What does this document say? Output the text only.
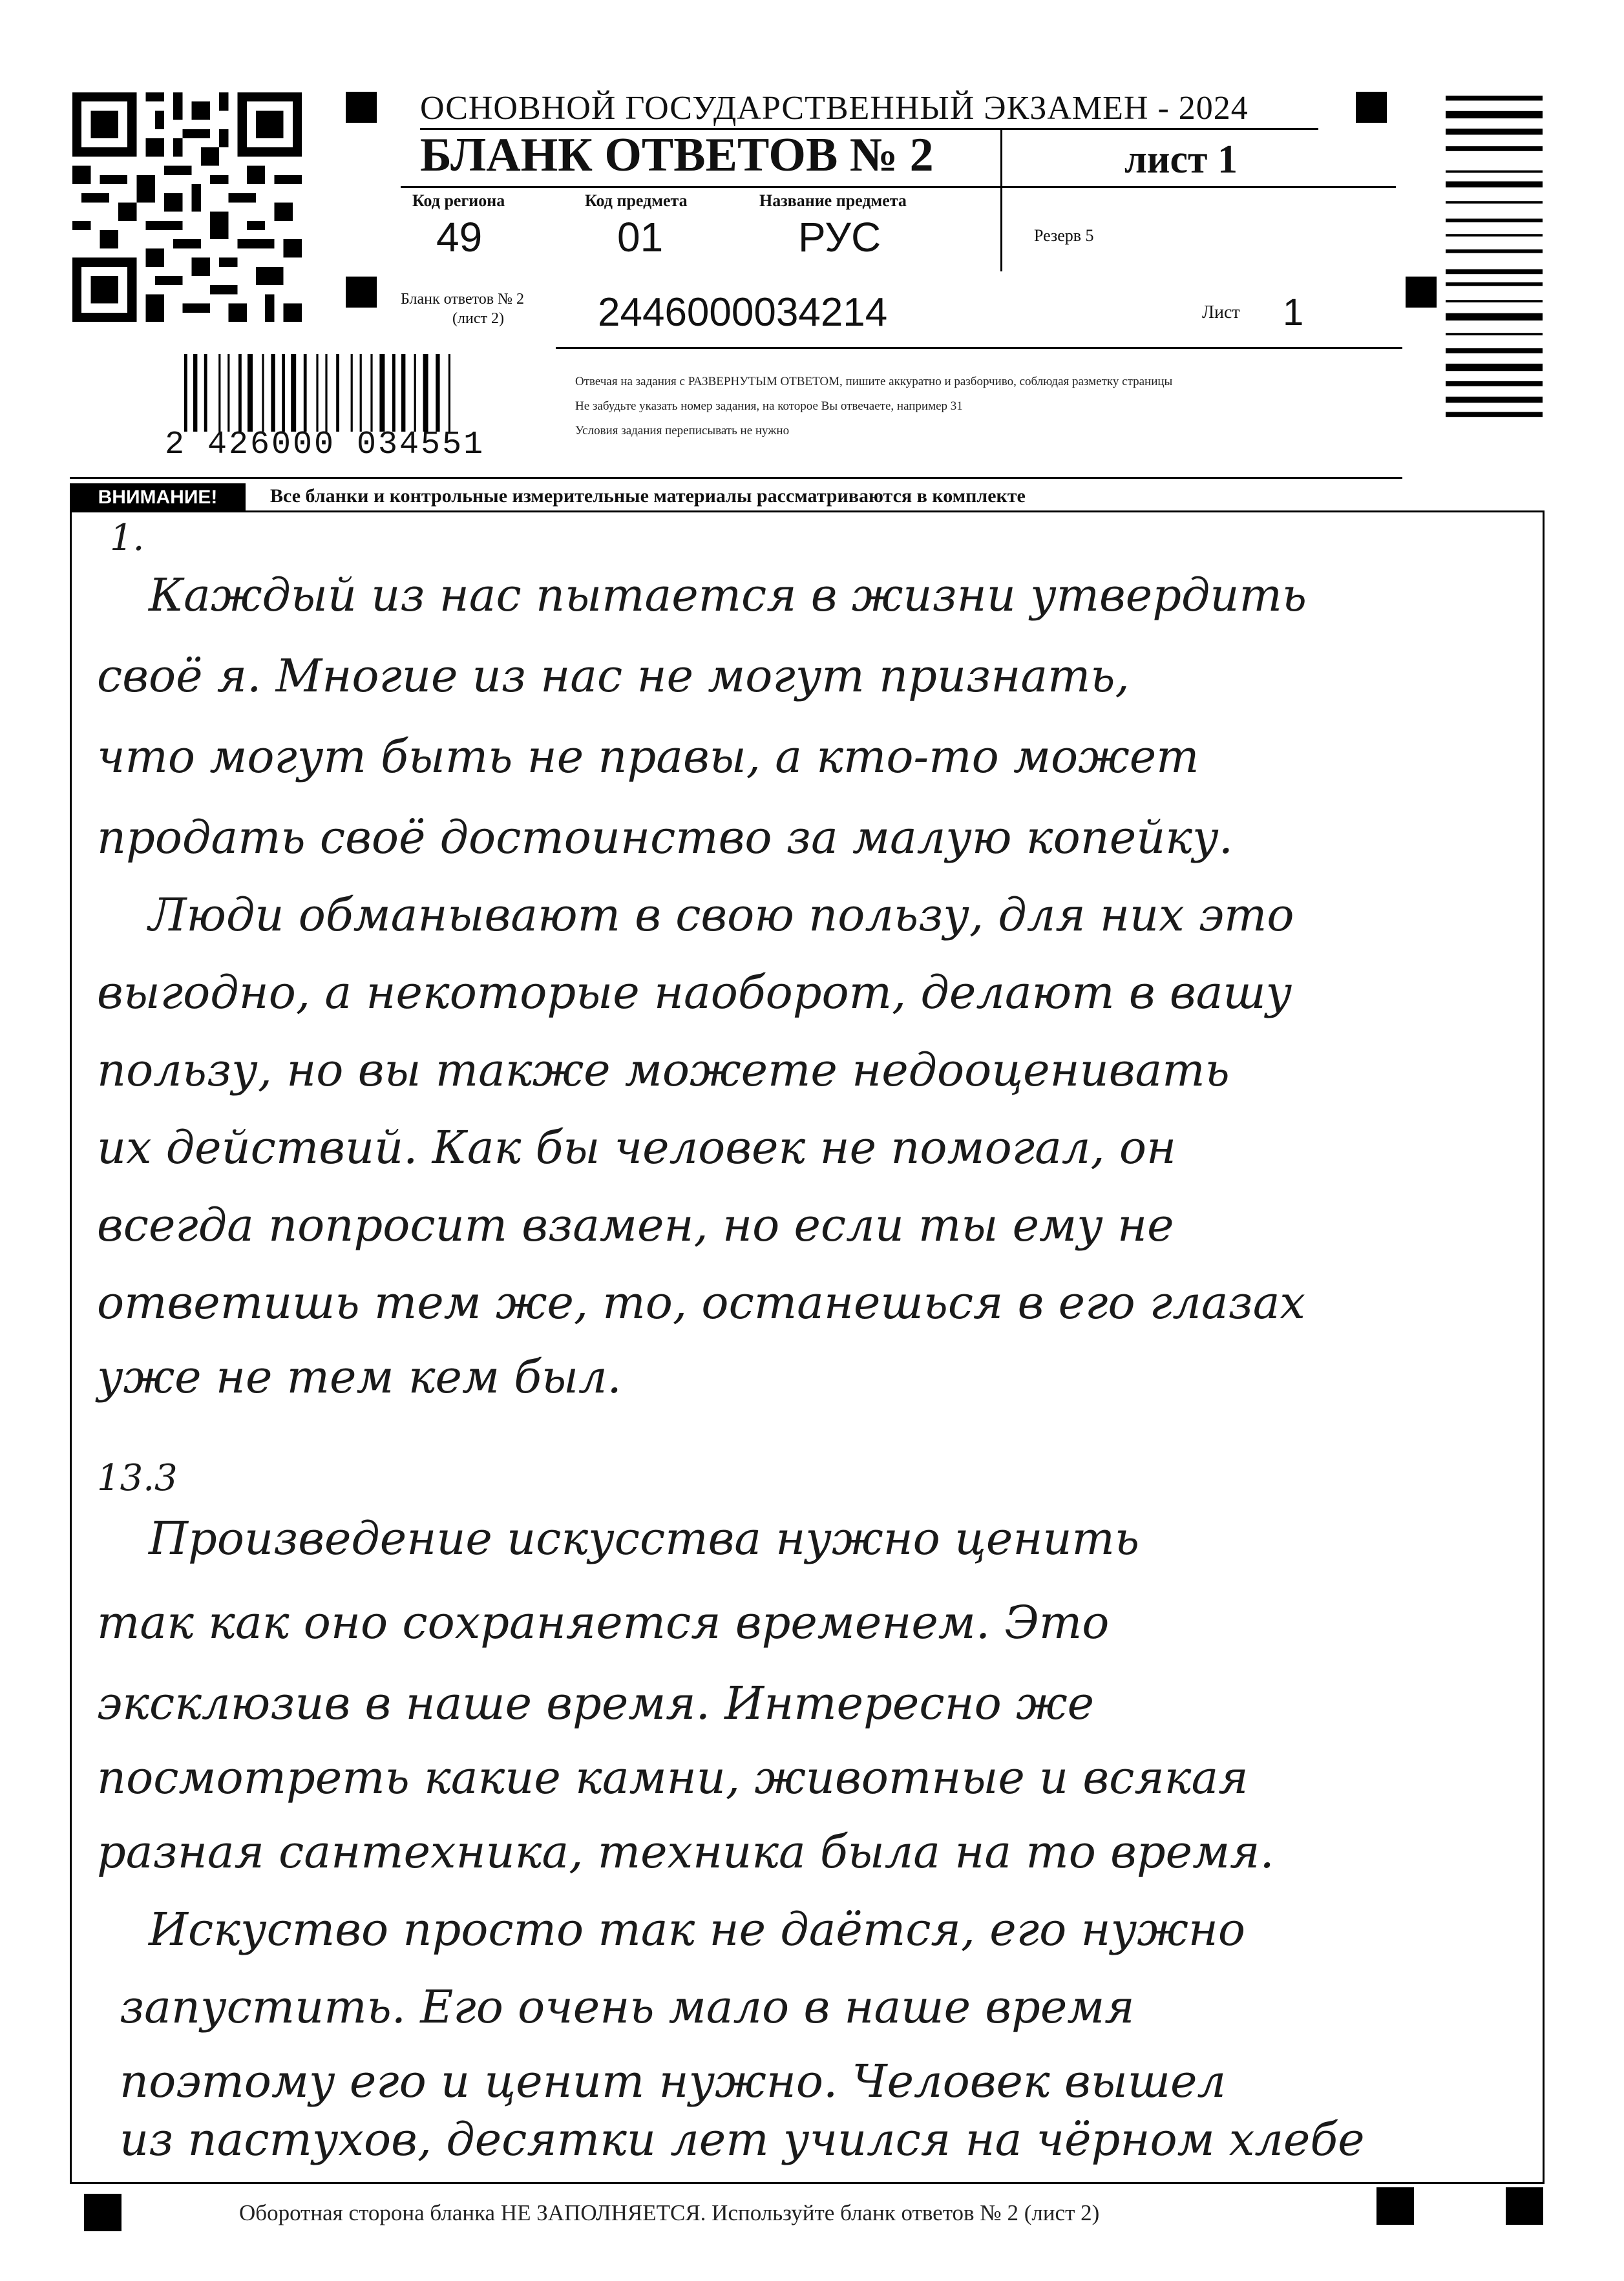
ОСНОВНОЙ ГОСУДАРСТВЕННЫЙ ЭКЗАМЕН - 2024
БЛАНК ОТВЕТОВ № 2	лист 1
Код региона
49
Код предмета
01
Название предмета
РУС	Резерв 5
Бланк ответов № 2
(лист 2)	2446000034214	Лист 1
Отвечая на задания с РАЗВЕРНУТЫМ ОТВЕТОМ, пишите аккуратно и разборчиво, соблюдая разметку страницы
Не забудьте указать номер задания, на которое Вы отвечаете, например 31
Условия задания переписывать не нужно
2 426000 034551
ВНИМАНИЕ!	Все бланки и контрольные измерительные материалы рассматриваются в комплекте
1.
Каждый из нас пытается в жизни утвердить
своё я. Многие из нас не могут признать,
что могут быть не правы, а кто-то может
продать своё достоинство за малую копейку.
Люди обманывают в свою пользу, для них это
выгодно, а некоторые наоборот, делают в вашу
пользу, но вы также можете недооценивать
их действий. Как бы человек не помогал, он
всегда попросит взамен, но если ты ему не
ответишь тем же, то, останешься в его глазах
уже не тем кем был.
13.3
Произведение искусства нужно ценить
так как оно сохраняется временем. Это
эксклюзив в наше время. Интересно же
посмотреть какие камни, животные и всякая
разная сантехника, техника была на то время.
Искуство просто так не даётся, его нужно
запустить. Его очень мало в наше время
поэтому его и ценит нужно. Человек вышел
из пастухов, десятки лет учился на чёрном хлебе
Оборотная сторона бланка НЕ ЗАПОЛНЯЕТСЯ. Используйте бланк ответов № 2 (лист 2)
